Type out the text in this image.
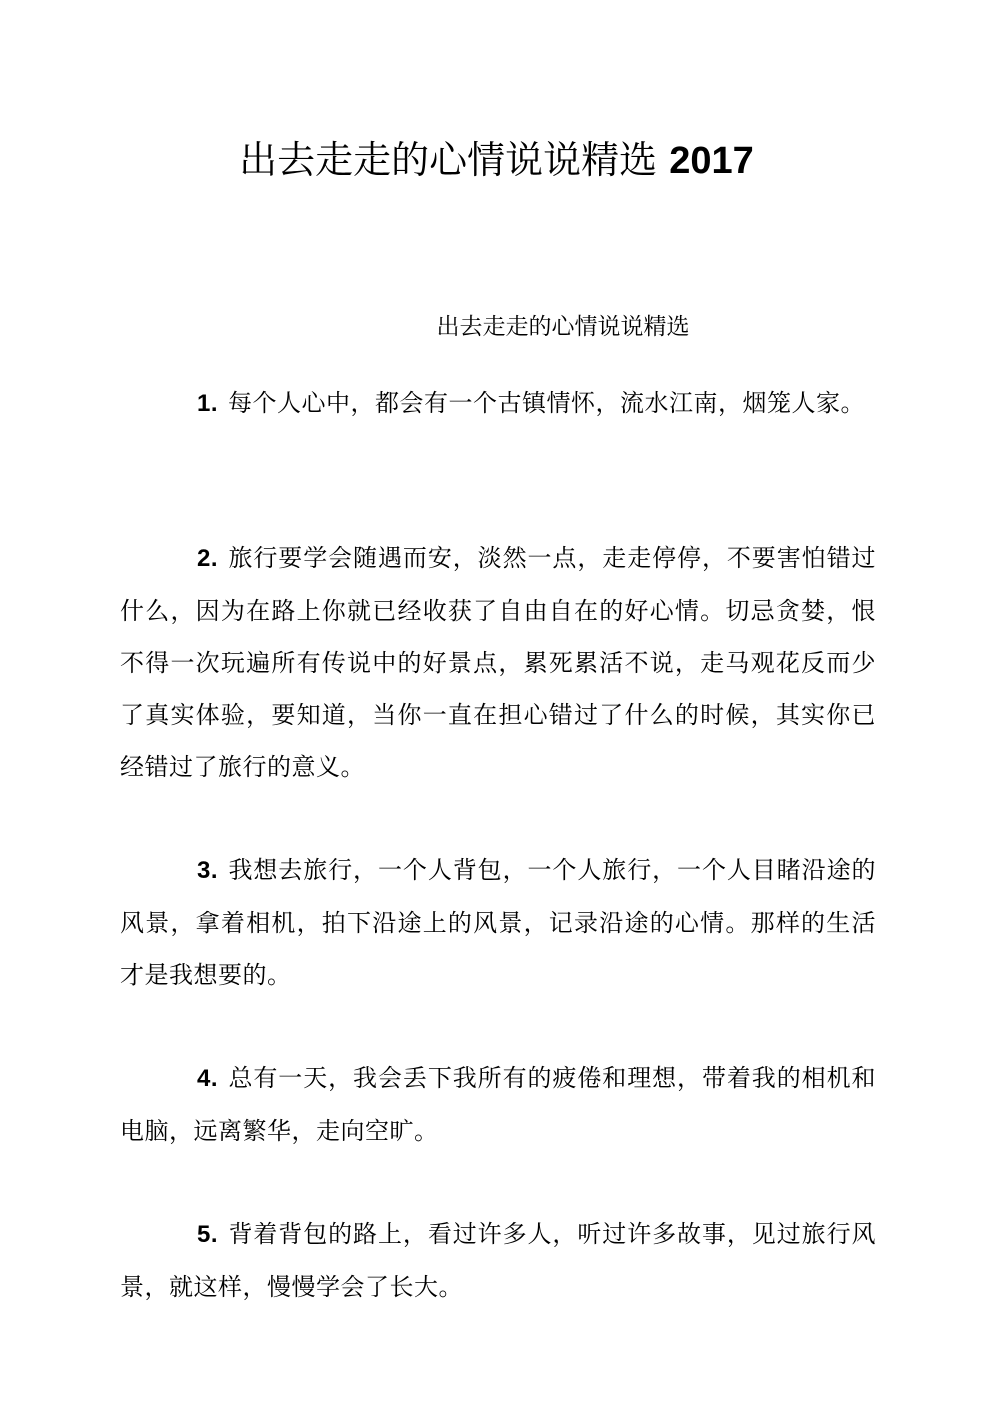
出去走走的心情说说精选 2017
出去走走的心情说说精选

1. 每个人心中，都会有一个古镇情怀，流水江南，烟笼人家。

2. 旅行要学会随遇而安，淡然一点，走走停停，不要害怕错过什么，因为在路上你就已经收获了自由自在的好心情。切忌贪婪，恨不得一次玩遍所有传说中的好景点，累死累活不说，走马观花反而少了真实体验，要知道，当你一直在担心错过了什么的时候，其实你已经错过了旅行的意义。

3. 我想去旅行，一个人背包，一个人旅行，一个人目睹沿途的风景，拿着相机，拍下沿途上的风景，记录沿途的心情。那样的生活才是我想要的。

4. 总有一天，我会丢下我所有的疲倦和理想，带着我的相机和电脑，远离繁华，走向空旷。

5. 背着背包的路上，看过许多人，听过许多故事，见过旅行风景，就这样，慢慢学会了长大。
